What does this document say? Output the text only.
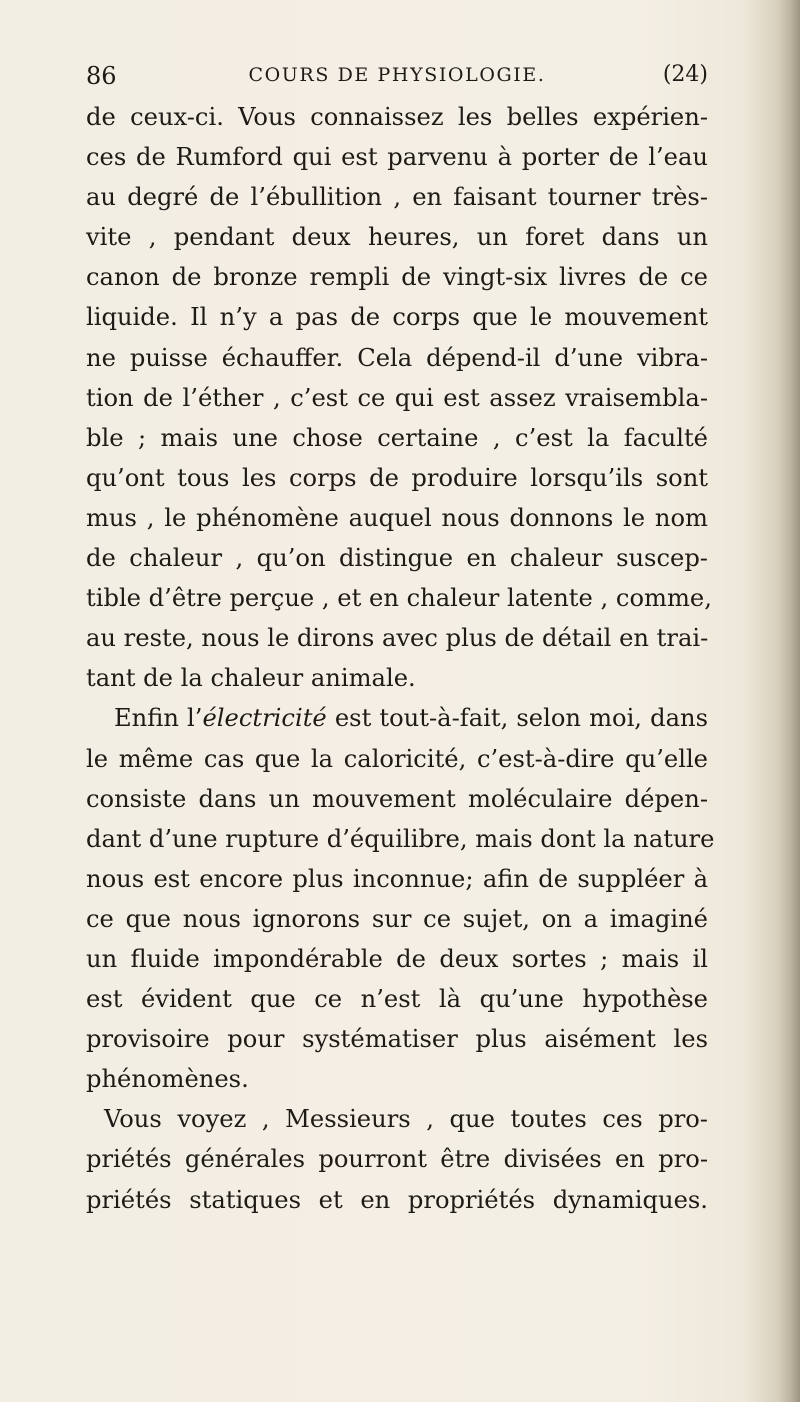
86	COURS DE PHYSIOLOGIE.	(24)
de ceux-ci. Vous connaissez les belles expérien-
ces de Rumford qui est parvenu à porter de l’eau
au degré de l’ébullition , en faisant tourner très-
vite , pendant deux heures, un foret dans un
canon de bronze rempli de vingt-six livres de ce
liquide. Il n’y a pas de corps que le mouvement
ne puisse échauffer. Cela dépend-il d’une vibra-
tion de l’éther , c’est ce qui est assez vraisembla-
ble ; mais une chose certaine , c’est la faculté
qu’ont tous les corps de produire lorsqu’ils sont
mus , le phénomène auquel nous donnons le nom
de chaleur , qu’on distingue en chaleur suscep-
tible d’être perçue , et en chaleur latente , comme,
au reste, nous le dirons avec plus de détail en trai-
tant de la chaleur animale.
Enfin l’électricité est tout-à-fait, selon moi, dans
le même cas que la caloricité, c’est-à-dire qu’elle
consiste dans un mouvement moléculaire dépen-
dant d’une rupture d’équilibre, mais dont la nature
nous est encore plus inconnue; afin de suppléer à
ce que nous ignorons sur ce sujet, on a imaginé
un fluide impondérable de deux sortes ; mais il
est évident que ce n’est là qu’une hypothèse
provisoire pour systématiser plus aisément les
phénomènes.
Vous voyez , Messieurs , que toutes ces pro-
priétés générales pourront être divisées en pro-
priétés statiques et en propriétés dynamiques.
